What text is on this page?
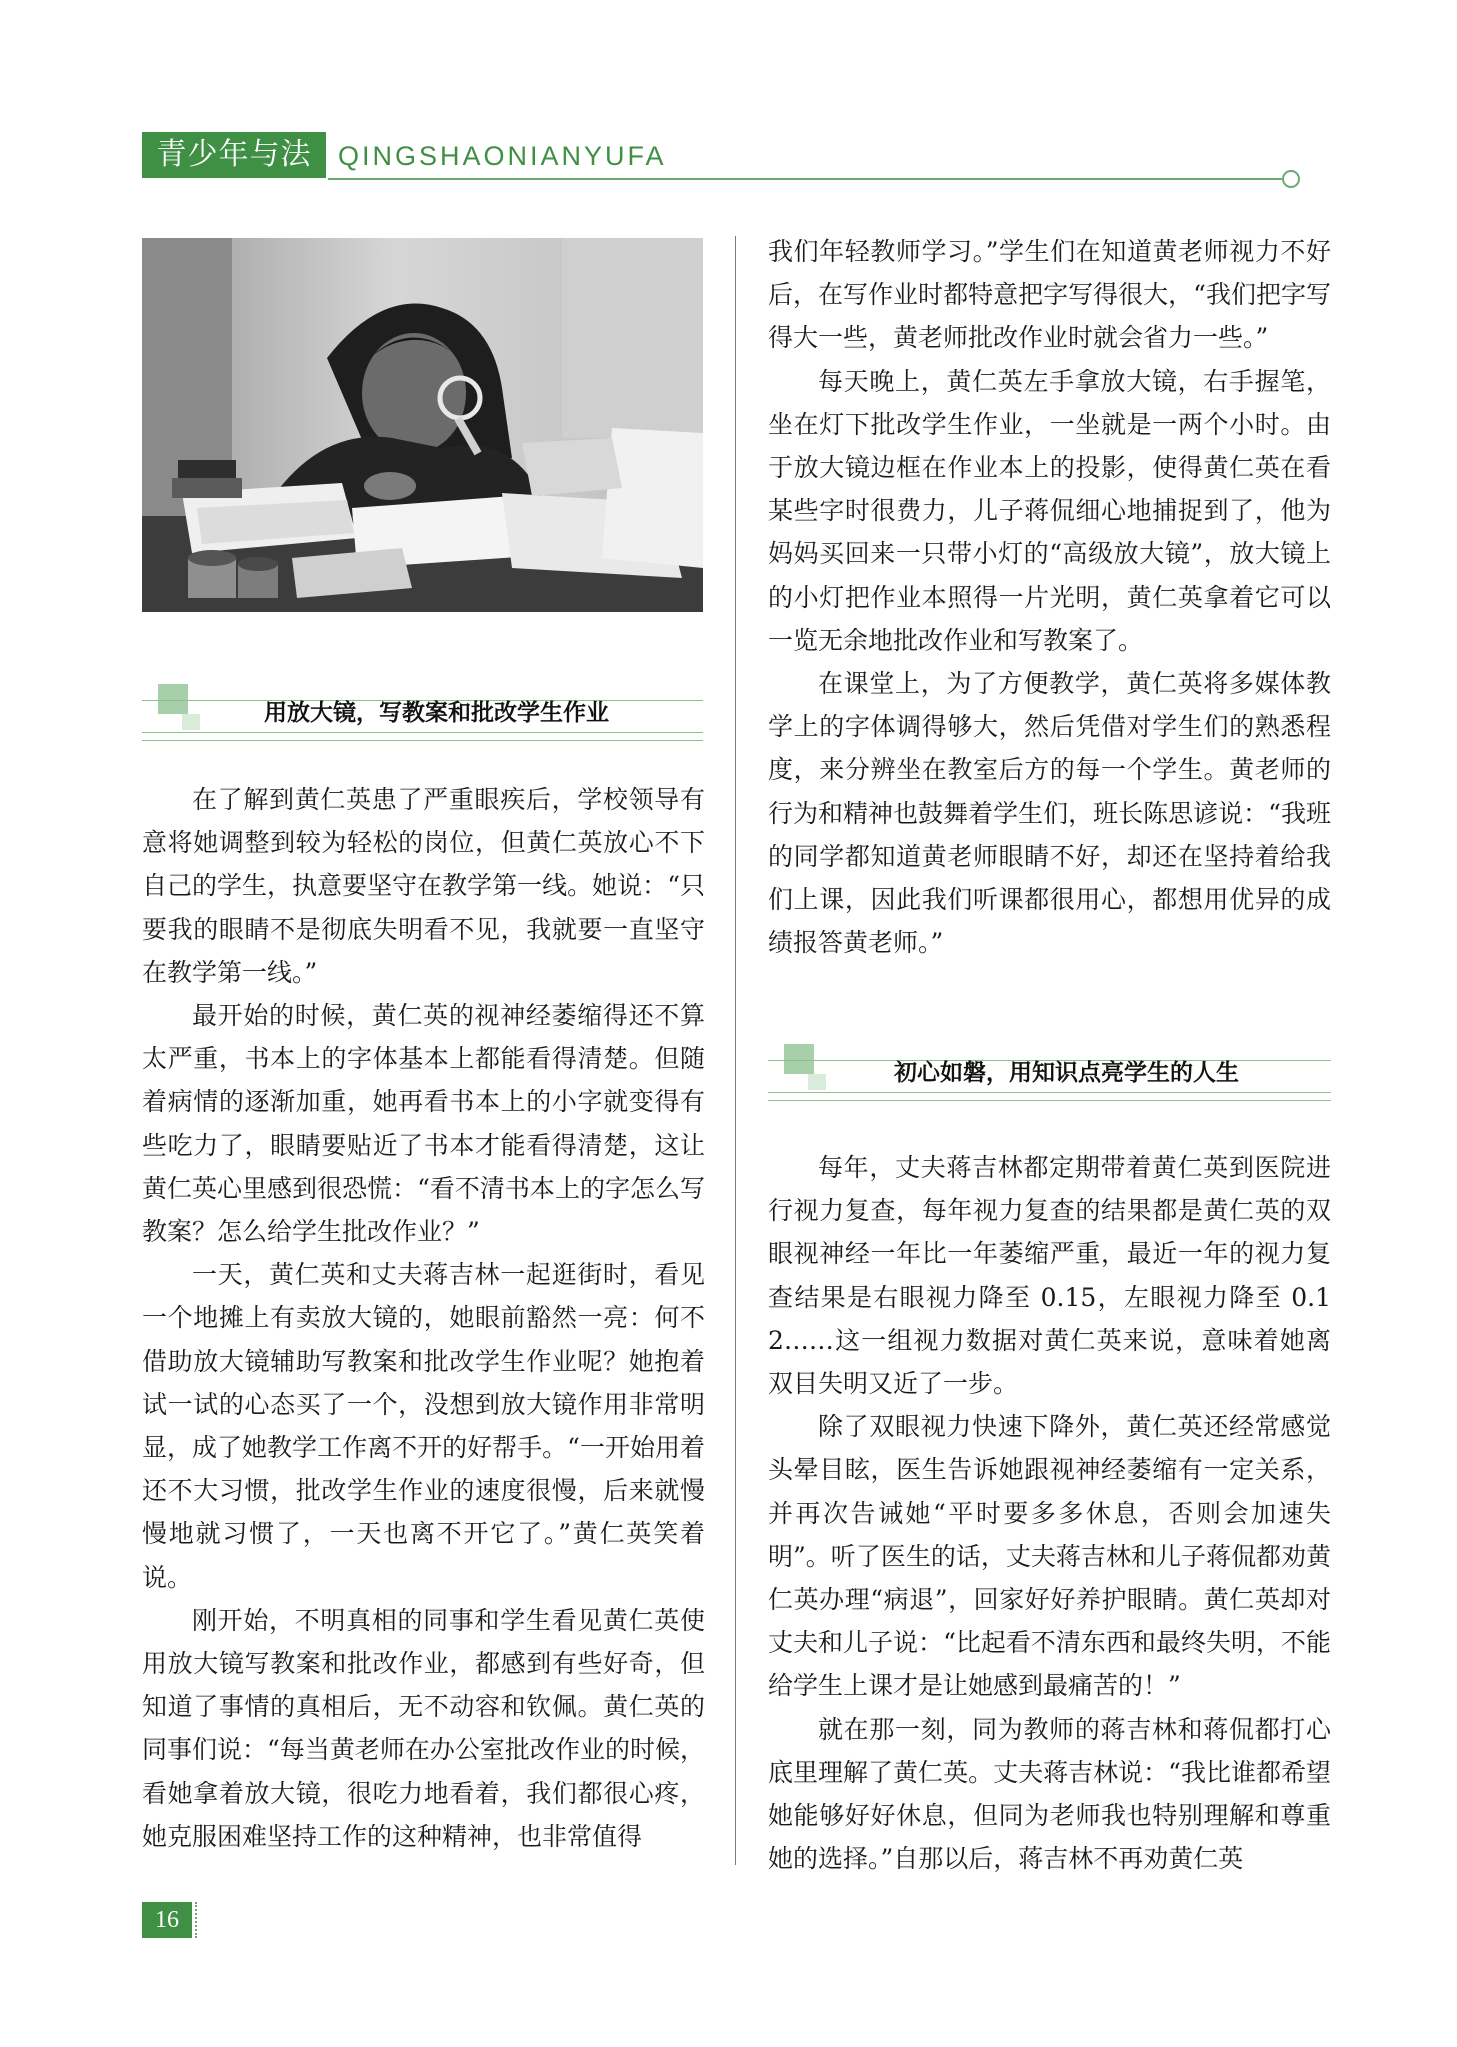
青少年与法 QINGSHAONIANYUFA
用放大镜，写教案和批改学生作业

在了解到黄仁英患了严重眼疾后，学校领导有意将她调整到较为轻松的岗位，但黄仁英放心不下自己的学生，执意要坚守在教学第一线。她说：“只要我的眼睛不是彻底失明看不见，我就要一直坚守在教学第一线。”

最开始的时候，黄仁英的视神经萎缩得还不算太严重，书本上的字体基本上都能看得清楚。但随着病情的逐渐加重，她再看书本上的小字就变得有些吃力了，眼睛要贴近了书本才能看得清楚，这让黄仁英心里感到很恐慌：“看不清书本上的字怎么写教案？怎么给学生批改作业？”

一天，黄仁英和丈夫蒋吉林一起逛街时，看见一个地摊上有卖放大镜的，她眼前豁然一亮：何不借助放大镜辅助写教案和批改学生作业呢？她抱着试一试的心态买了一个，没想到放大镜作用非常明显，成了她教学工作离不开的好帮手。“一开始用着还不大习惯，批改学生作业的速度很慢，后来就慢慢地就习惯了，一天也离不开它了。”黄仁英笑着说。

刚开始，不明真相的同事和学生看见黄仁英使用放大镜写教案和批改作业，都感到有些好奇，但知道了事情的真相后，无不动容和钦佩。黄仁英的同事们说：“每当黄老师在办公室批改作业的时候，看她拿着放大镜，很吃力地看着，我们都很心疼，她克服困难坚持工作的这种精神，也非常值得

我们年轻教师学习。”学生们在知道黄老师视力不好后，在写作业时都特意把字写得很大，“我们把字写得大一些，黄老师批改作业时就会省力一些。”

每天晚上，黄仁英左手拿放大镜，右手握笔，坐在灯下批改学生作业，一坐就是一两个小时。由于放大镜边框在作业本上的投影，使得黄仁英在看某些字时很费力，儿子蒋侃细心地捕捉到了，他为妈妈买回来一只带小灯的“高级放大镜”，放大镜上的小灯把作业本照得一片光明，黄仁英拿着它可以一览无余地批改作业和写教案了。

在课堂上，为了方便教学，黄仁英将多媒体教学上的字体调得够大，然后凭借对学生们的熟悉程度，来分辨坐在教室后方的每一个学生。黄老师的行为和精神也鼓舞着学生们，班长陈思谚说：“我班的同学都知道黄老师眼睛不好，却还在坚持着给我们上课，因此我们听课都很用心，都想用优异的成绩报答黄老师。”

初心如磐，用知识点亮学生的人生

每年，丈夫蒋吉林都定期带着黄仁英到医院进行视力复查，每年视力复查的结果都是黄仁英的双眼视神经一年比一年萎缩严重，最近一年的视力复查结果是右眼视力降至 0.15，左眼视力降至 0.12……这一组视力数据对黄仁英来说，意味着她离双目失明又近了一步。

除了双眼视力快速下降外，黄仁英还经常感觉头晕目眩，医生告诉她跟视神经萎缩有一定关系，并再次告诫她“平时要多多休息，否则会加速失明”。听了医生的话，丈夫蒋吉林和儿子蒋侃都劝黄仁英办理“病退”，回家好好养护眼睛。黄仁英却对丈夫和儿子说：“比起看不清东西和最终失明，不能给学生上课才是让她感到最痛苦的！”

就在那一刻，同为教师的蒋吉林和蒋侃都打心底里理解了黄仁英。丈夫蒋吉林说：“我比谁都希望她能够好好休息，但同为老师我也特别理解和尊重她的选择。”自那以后，蒋吉林不再劝黄仁英

16
